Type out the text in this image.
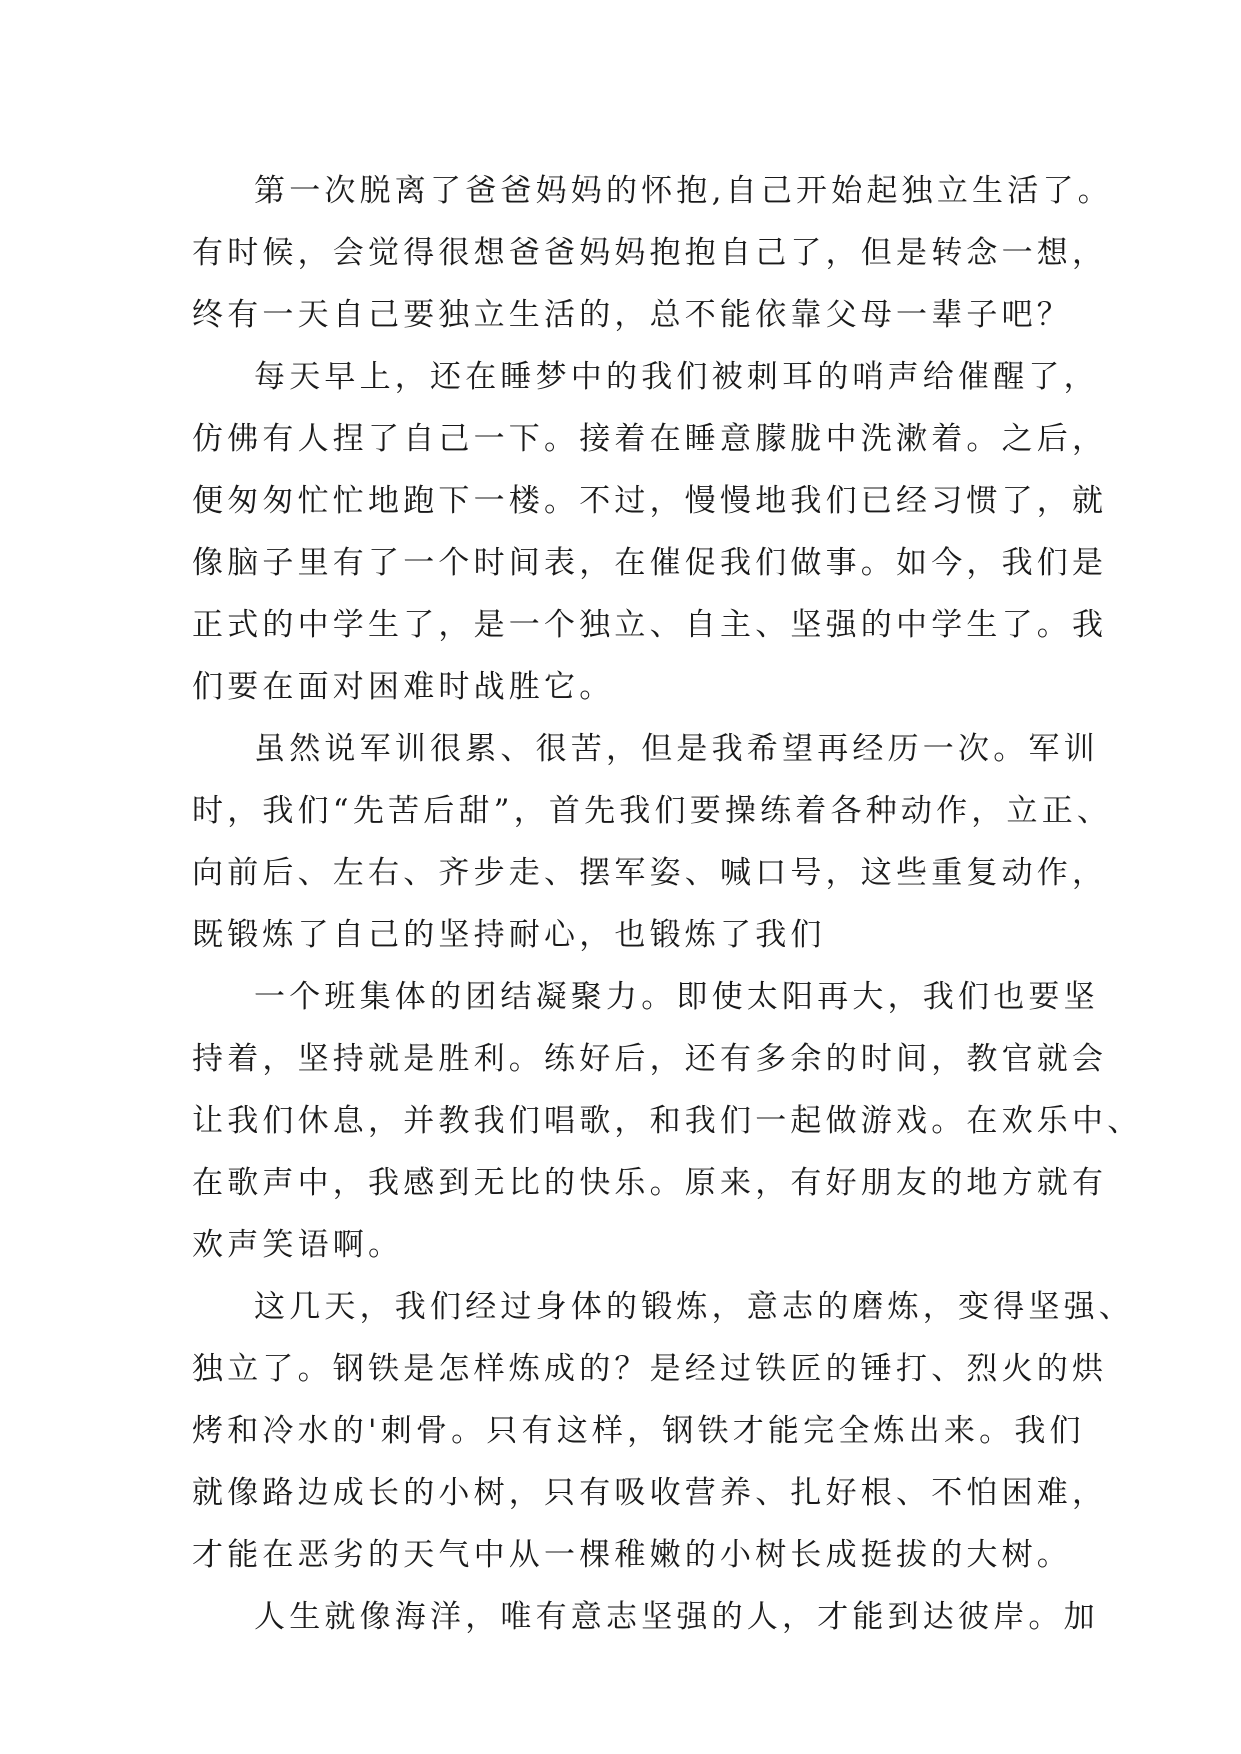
第一次脱离了爸爸妈妈的怀抱,自己开始起独立生活了。
有时候，会觉得很想爸爸妈妈抱抱自己了，但是转念一想，
终有一天自己要独立生活的，总不能依靠父母一辈子吧？
每天早上，还在睡梦中的我们被刺耳的哨声给催醒了，
仿佛有人捏了自己一下。接着在睡意朦胧中洗漱着。之后，
便匆匆忙忙地跑下一楼。不过，慢慢地我们已经习惯了，就
像脑子里有了一个时间表，在催促我们做事。如今，我们是
正式的中学生了，是一个独立、自主、坚强的中学生了。我
们要在面对困难时战胜它。
虽然说军训很累、很苦，但是我希望再经历一次。军训
时，我们“先苦后甜”，首先我们要操练着各种动作，立正、
向前后、左右、齐步走、摆军姿、喊口号，这些重复动作，
既锻炼了自己的坚持耐心，也锻炼了我们
一个班集体的团结凝聚力。即使太阳再大，我们也要坚
持着，坚持就是胜利。练好后，还有多余的时间，教官就会
让我们休息，并教我们唱歌，和我们一起做游戏。在欢乐中、
在歌声中，我感到无比的快乐。原来，有好朋友的地方就有
欢声笑语啊。
这几天，我们经过身体的锻炼，意志的磨炼，变得坚强、
独立了。钢铁是怎样炼成的？是经过铁匠的锤打、烈火的烘
烤和冷水的'刺骨。只有这样，钢铁才能完全炼出来。我们
就像路边成长的小树，只有吸收营养、扎好根、不怕困难，
才能在恶劣的天气中从一棵稚嫩的小树长成挺拔的大树。
人生就像海洋，唯有意志坚强的人，才能到达彼岸。加
